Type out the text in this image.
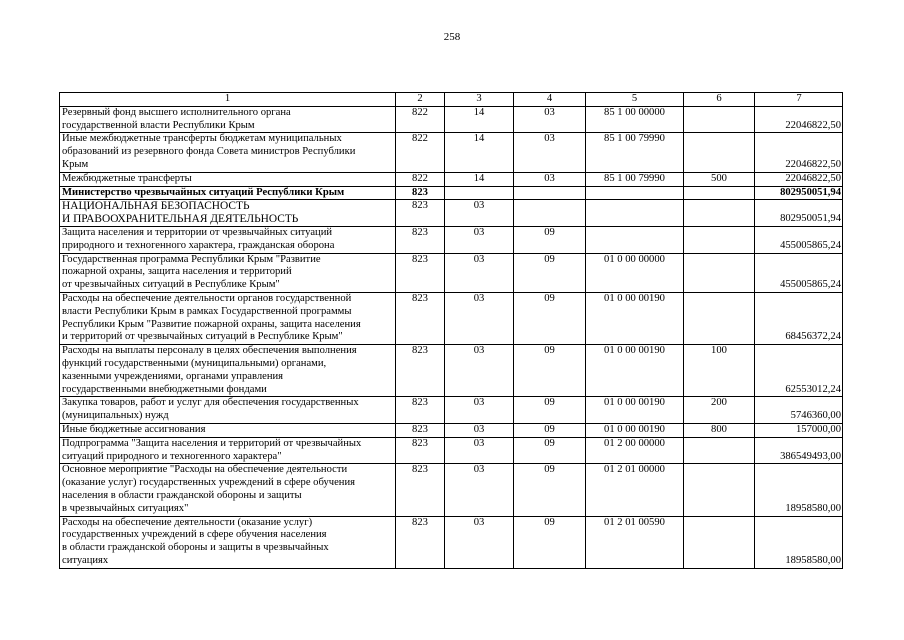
258
1	2	3	4	5	6	7
Резервный фонд высшего исполнительного органа
государственной власти Республики Крым	822	14	03	85 1 00 00000		22046822,50
Иные межбюджетные трансферты бюджетам муниципальных
образований из резервного фонда Совета министров Республики
Крым	822	14	03	85 1 00 79990		22046822,50
Межбюджетные трансферты	822	14	03	85 1 00 79990	500	22046822,50
Министерство чрезвычайных ситуаций Республики Крым	823					802950051,94
НАЦИОНАЛЬНАЯ БЕЗОПАСНОСТЬ
И ПРАВООХРАНИТЕЛЬНАЯ ДЕЯТЕЛЬНОСТЬ	823	03				802950051,94
Защита населения и территории от чрезвычайных ситуаций
природного и техногенного характера, гражданская оборона	823	03	09			455005865,24
Государственная программа Республики Крым "Развитие
пожарной охраны, защита населения и территорий
от чрезвычайных ситуаций в Республике Крым"	823	03	09	01 0 00 00000		455005865,24
Расходы на обеспечение деятельности органов государственной
власти Республики Крым в рамках Государственной программы
Республики Крым "Развитие пожарной охраны, защита населения
и территорий от чрезвычайных ситуаций в Республике Крым"	823	03	09	01 0 00 00190		68456372,24
Расходы на выплаты персоналу в целях обеспечения выполнения
функций государственными (муниципальными) органами,
казенными учреждениями, органами управления
государственными внебюджетными фондами	823	03	09	01 0 00 00190	100	62553012,24
Закупка товаров, работ и услуг для обеспечения государственных
(муниципальных) нужд	823	03	09	01 0 00 00190	200	5746360,00
Иные бюджетные ассигнования	823	03	09	01 0 00 00190	800	157000,00
Подпрограмма "Защита населения и территорий от чрезвычайных
ситуаций природного и техногенного характера"	823	03	09	01 2 00 00000		386549493,00
Основное мероприятие "Расходы на обеспечение деятельности
(оказание услуг) государственных учреждений в сфере обучения
населения в области гражданской обороны и защиты
в чрезвычайных ситуациях"	823	03	09	01 2 01 00000		18958580,00
Расходы на обеспечение деятельности (оказание услуг)
государственных учреждений в сфере обучения населения
в области гражданской обороны и защиты в чрезвычайных
ситуациях	823	03	09	01 2 01 00590		18958580,00
